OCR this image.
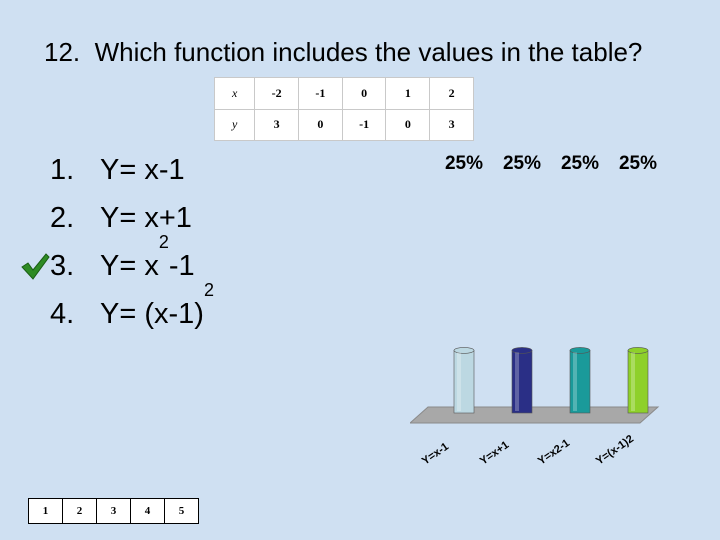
12. Which function includes the values in the table?

x	-2	-1	0	1	2
y	3	0	-1	0	3
1. Y= x-1
2. Y= x+1
3. Y= x
2
-1
4. Y= (x-1)
2
25%
Y=x-1
25%
Y=x+1
25%
Y=x2-1
25%
Y=(x-1)2
1	2	3	4	5
